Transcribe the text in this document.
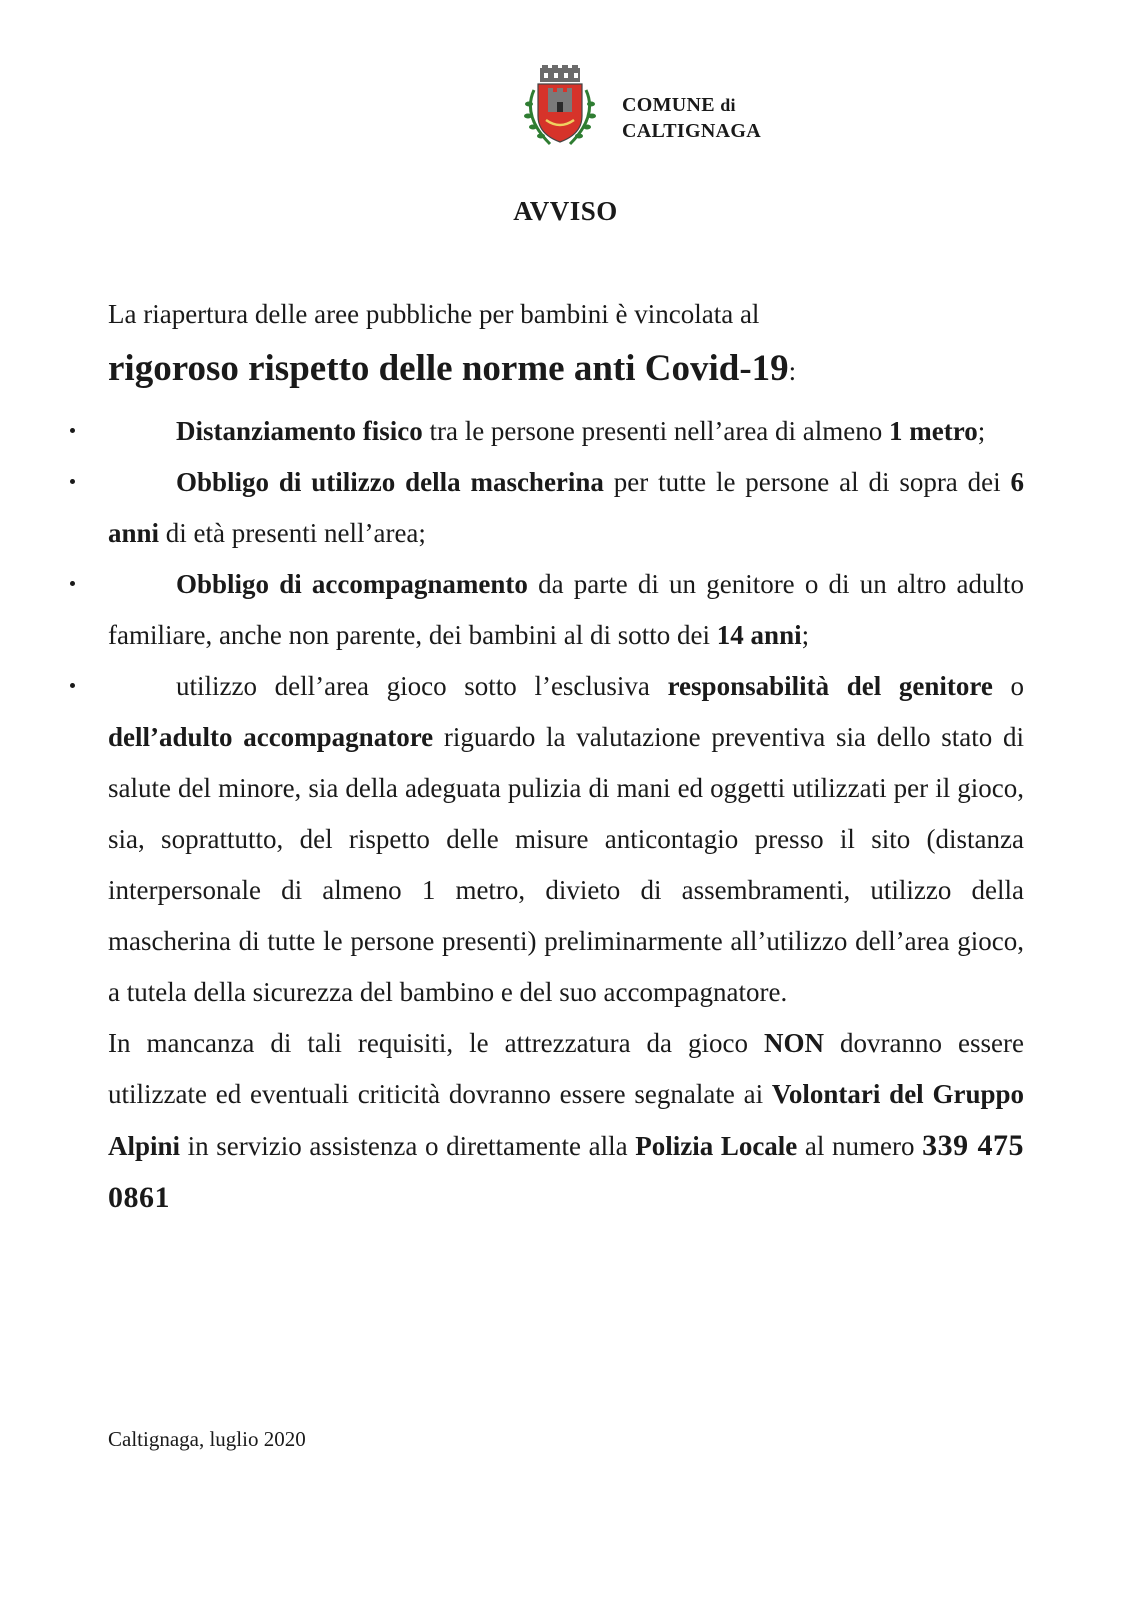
COMUNE di
CALTIGNAGA
AVVISO
La riapertura delle aree pubbliche per bambini è vincolata al
rigoroso rispetto delle norme anti Covid-19:
Distanziamento fisico tra le persone presenti nell’area di almeno 1 metro;
Obbligo di utilizzo della mascherina per tutte le persone al di sopra dei 6 anni di età presenti nell’area;
Obbligo di accompagnamento da parte di un genitore o di un altro adulto familiare, anche non parente, dei bambini al di sotto dei 14 anni;
utilizzo dell’area gioco sotto l’esclusiva responsabilità del genitore o dell’adulto accompagnatore riguardo la valutazione preventiva sia dello stato di salute del minore, sia della adeguata pulizia di mani ed oggetti utilizzati per il gioco, sia, soprattutto, del rispetto delle misure anticontagio presso il sito (distanza interpersonale di almeno 1 metro, divieto di assembramenti, utilizzo della mascherina di tutte le persone presenti) preliminarmente all’utilizzo dell’area gioco, a tutela della sicurezza del bambino e del suo accompagnatore.
In mancanza di tali requisiti, le attrezzatura da gioco NON dovranno essere utilizzate ed eventuali criticità dovranno essere segnalate ai Volontari del Gruppo Alpini in servizio assistenza o direttamente alla Polizia Locale al numero 339 475 0861
Caltignaga, luglio 2020
